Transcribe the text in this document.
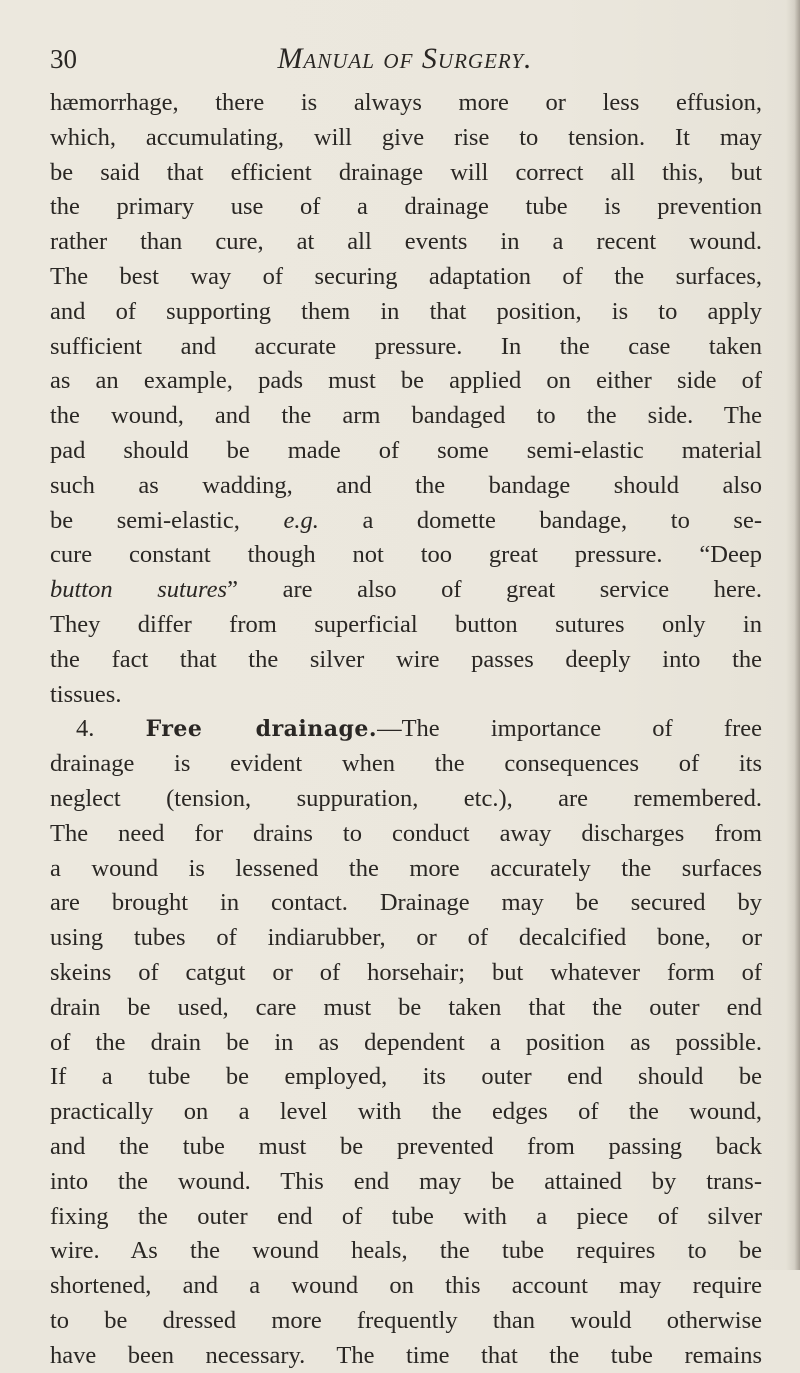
30	Manual of Surgery.
hæmorrhage, there is always more or less effusion,
which, accumulating, will give rise to tension. It may
be said that efficient drainage will correct all this, but
the primary use of a drainage tube is prevention
rather than cure, at all events in a recent wound.
The best way of securing adaptation of the surfaces,
and of supporting them in that position, is to apply
sufficient and accurate pressure. In the case taken
as an example, pads must be applied on either side of
the wound, and the arm bandaged to the side. The
pad should be made of some semi-elastic material
such as wadding, and the bandage should also
be semi-elastic, e.g. a domette bandage, to se-
cure constant though not too great pressure. “Deep
button sutures” are also of great service here.
They differ from superficial button sutures only in
the fact that the silver wire passes deeply into the
tissues.
4. Free drainage.—The importance of free
drainage is evident when the consequences of its
neglect (tension, suppuration, etc.), are remembered.
The need for drains to conduct away discharges from
a wound is lessened the more accurately the surfaces
are brought in contact. Drainage may be secured by
using tubes of indiarubber, or of decalcified bone, or
skeins of catgut or of horsehair; but whatever form of
drain be used, care must be taken that the outer end
of the drain be in as dependent a position as possible.
If a tube be employed, its outer end should be
practically on a level with the edges of the wound,
and the tube must be prevented from passing back
into the wound. This end may be attained by trans-
fixing the outer end of tube with a piece of silver
wire. As the wound heals, the tube requires to be
shortened, and a wound on this account may require
to be dressed more frequently than would otherwise
have been necessary. The time that the tube remains
